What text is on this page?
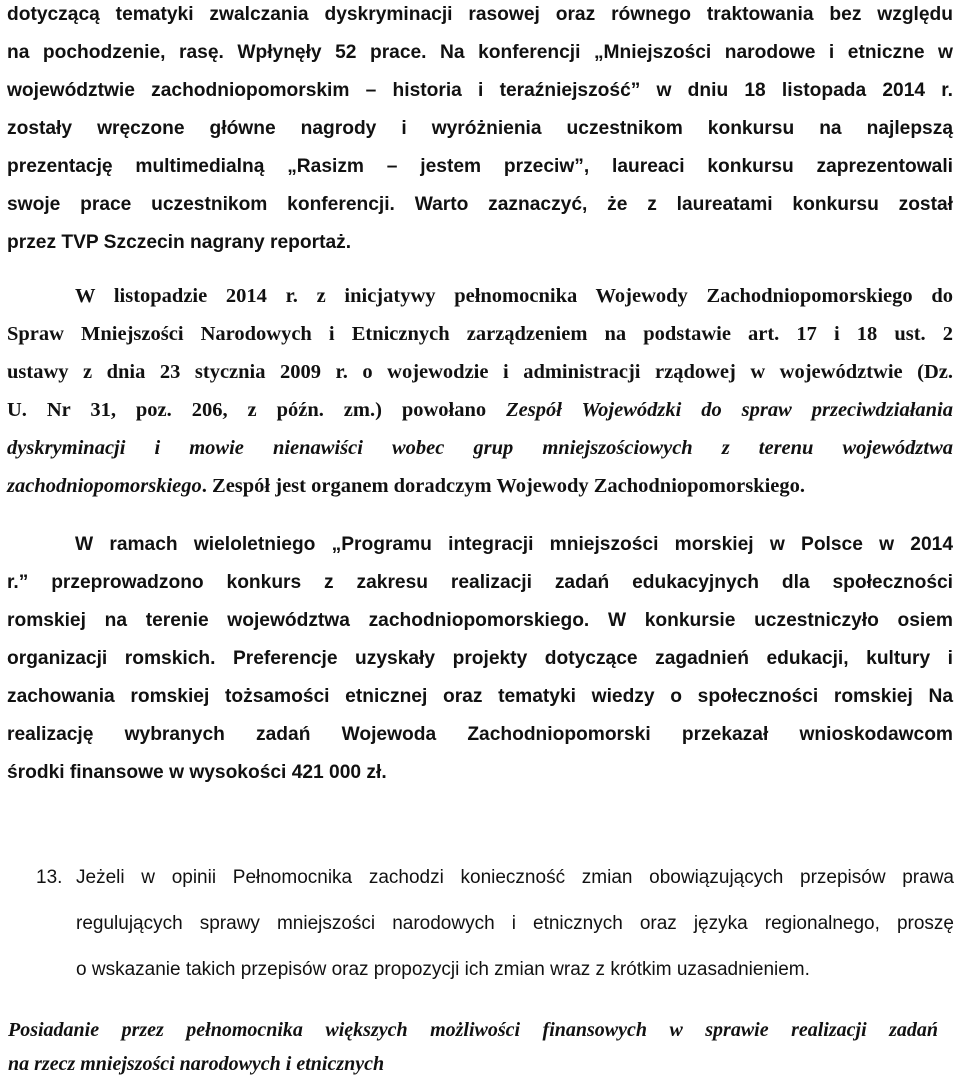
dotyczącą tematyki zwalczania dyskryminacji rasowej oraz równego traktowania bez względu
na pochodzenie, rasę. Wpłynęły 52 prace. Na konferencji „Mniejszości narodowe i etniczne w
województwie zachodniopomorskim – historia i teraźniejszość” w dniu 18 listopada 2014 r.
zostały wręczone główne nagrody i wyróżnienia uczestnikom konkursu na najlepszą
prezentację multimedialną „Rasizm – jestem przeciw”, laureaci konkursu zaprezentowali
swoje prace uczestnikom konferencji. Warto zaznaczyć, że z laureatami konkursu został
przez TVP Szczecin nagrany reportaż.
W listopadzie 2014 r. z inicjatywy pełnomocnika Wojewody Zachodniopomorskiego do
Spraw Mniejszości Narodowych i Etnicznych zarządzeniem na podstawie art. 17 i 18 ust. 2
ustawy z dnia 23 stycznia 2009 r. o wojewodzie i administracji rządowej w województwie (Dz.
U. Nr 31, poz. 206, z późn. zm.) powołano Zespół Wojewódzki do spraw przeciwdziałania
dyskryminacji i mowie nienawiści wobec grup mniejszościowych z terenu województwa
zachodniopomorskiego. Zespół jest organem doradczym Wojewody Zachodniopomorskiego.
W ramach wieloletniego „Programu integracji mniejszości morskiej w Polsce w 2014
r.” przeprowadzono konkurs z zakresu realizacji zadań edukacyjnych dla społeczności
romskiej na terenie województwa zachodniopomorskiego. W konkursie uczestniczyło osiem
organizacji romskich. Preferencje uzyskały projekty dotyczące zagadnień edukacji, kultury i
zachowania romskiej tożsamości etnicznej oraz tematyki wiedzy o społeczności romskiej Na
realizację wybranych zadań Wojewoda Zachodniopomorski przekazał wnioskodawcom
środki finansowe w wysokości 421 000 zł.
13. Jeżeli w opinii Pełnomocnika zachodzi konieczność zmian obowiązujących przepisów prawa
regulujących sprawy mniejszości narodowych i etnicznych oraz języka regionalnego, proszę
o wskazanie takich przepisów oraz propozycji ich zmian wraz z krótkim uzasadnieniem.
Posiadanie przez pełnomocnika większych możliwości finansowych w sprawie realizacji zadań
na rzecz mniejszości narodowych i etnicznych
